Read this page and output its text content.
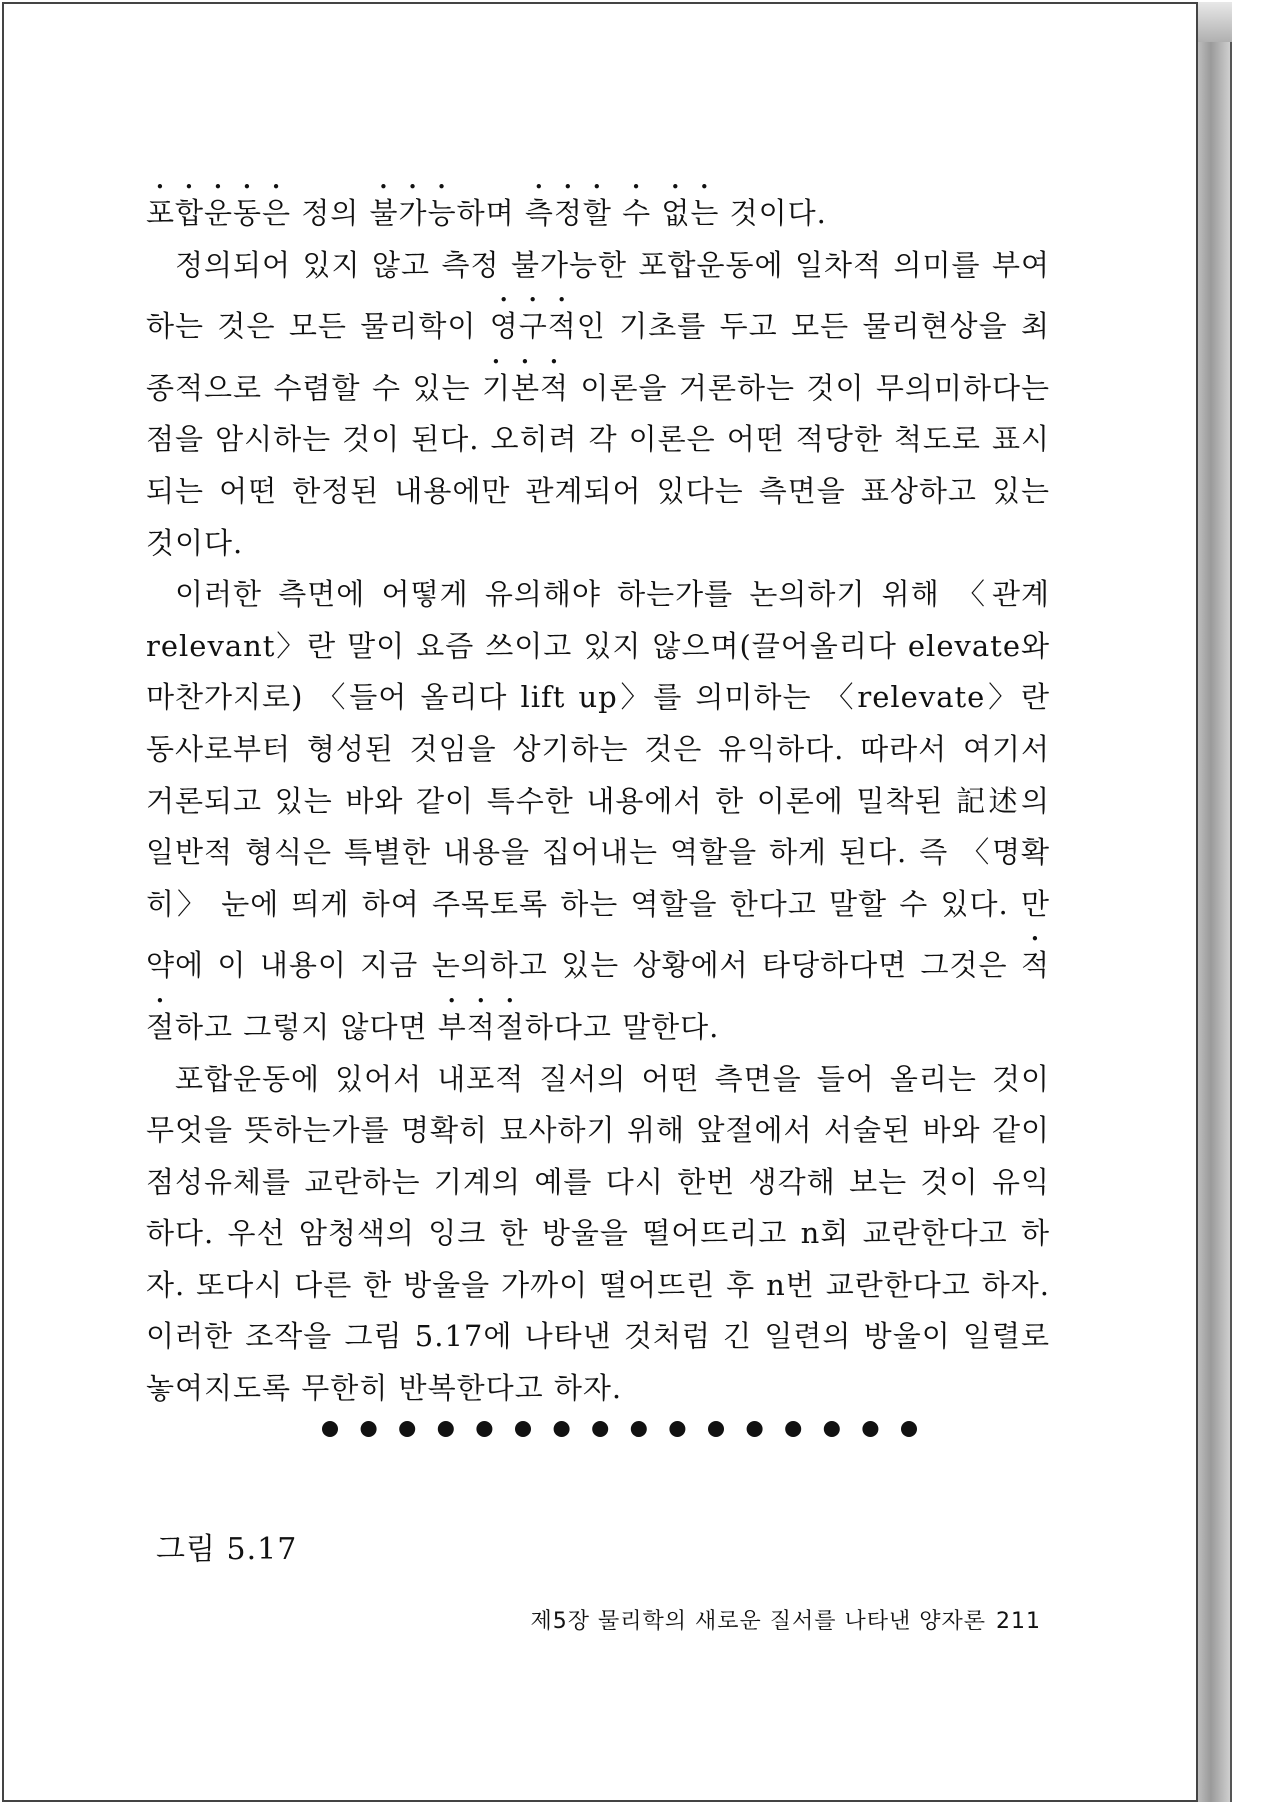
포합운동은 정의 불가능하며 측정할 수 없는 것이다.

정의되어 있지 않고 측정 불가능한 포합운동에 일차적 의미를 부여하는 것은 모든 물리학이 영구적인 기초를 두고 모든 물리현상을 최종적으로 수렴할 수 있는 기본적 이론을 거론하는 것이 무의미하다는 점을 암시하는 것이 된다. 오히려 각 이론은 어떤 적당한 척도로 표시되는 어떤 한정된 내용에만 관계되어 있다는 측면을 표상하고 있는 것이다.

이러한 측면에 어떻게 유의해야 하는가를 논의하기 위해 〈관계 relevant〉란 말이 요즘 쓰이고 있지 않으며(끌어올리다 elevate와 마찬가지로) 〈들어 올리다 lift up〉를 의미하는 〈relevate〉란 동사로부터 형성된 것임을 상기하는 것은 유익하다. 따라서 여기서 거론되고 있는 바와 같이 특수한 내용에서 한 이론에 밀착된 記述의 일반적 형식은 특별한 내용을 집어내는 역할을 하게 된다. 즉 〈명확히〉 눈에 띄게 하여 주목토록 하는 역할을 한다고 말할 수 있다. 만약에 이 내용이 지금 논의하고 있는 상황에서 타당하다면 그것은 적절하고 그렇지 않다면 부적절하다고 말한다.

포합운동에 있어서 내포적 질서의 어떤 측면을 들어 올리는 것이 무엇을 뜻하는가를 명확히 묘사하기 위해 앞절에서 서술된 바와 같이 점성유체를 교란하는 기계의 예를 다시 한번 생각해 보는 것이 유익하다. 우선 암청색의 잉크 한 방울을 떨어뜨리고 n회 교란한다고 하자. 또다시 다른 한 방울을 가까이 떨어뜨린 후 n번 교란한다고 하자. 이러한 조작을 그림 5.17에 나타낸 것처럼 긴 일련의 방울이 일렬로 놓여지도록 무한히 반복한다고 하자.

그림 5.17
제5장 물리학의 새로운 질서를 나타낸 양자론 211
